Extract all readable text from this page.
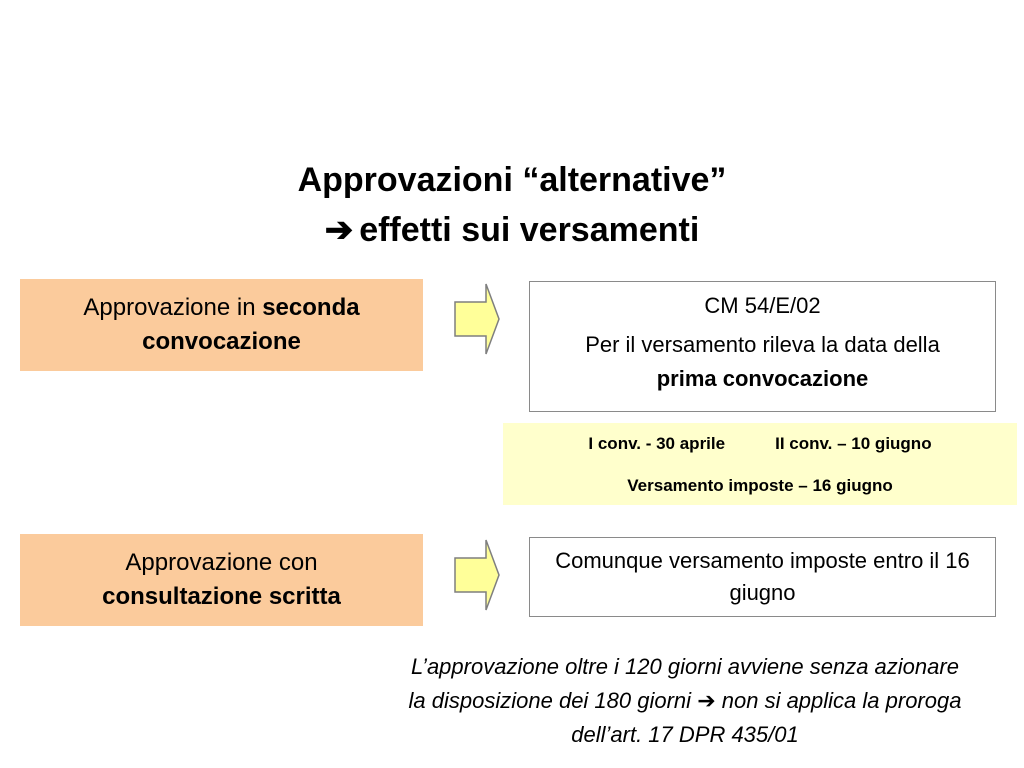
Approvazioni “alternative”
➔ effetti sui versamenti
Approvazione in seconda convocazione
CM 54/E/02
Per il versamento rileva la data della
prima convocazione
I conv. - 30 aprile	II conv. – 10 giugno
Versamento imposte – 16 giugno
Approvazione con
consultazione scritta
Comunque versamento imposte entro il 16 giugno
L’approvazione oltre i 120 giorni avviene senza azionare la disposizione dei 180 giorni ➔ non si applica la proroga dell’art. 17 DPR 435/01
